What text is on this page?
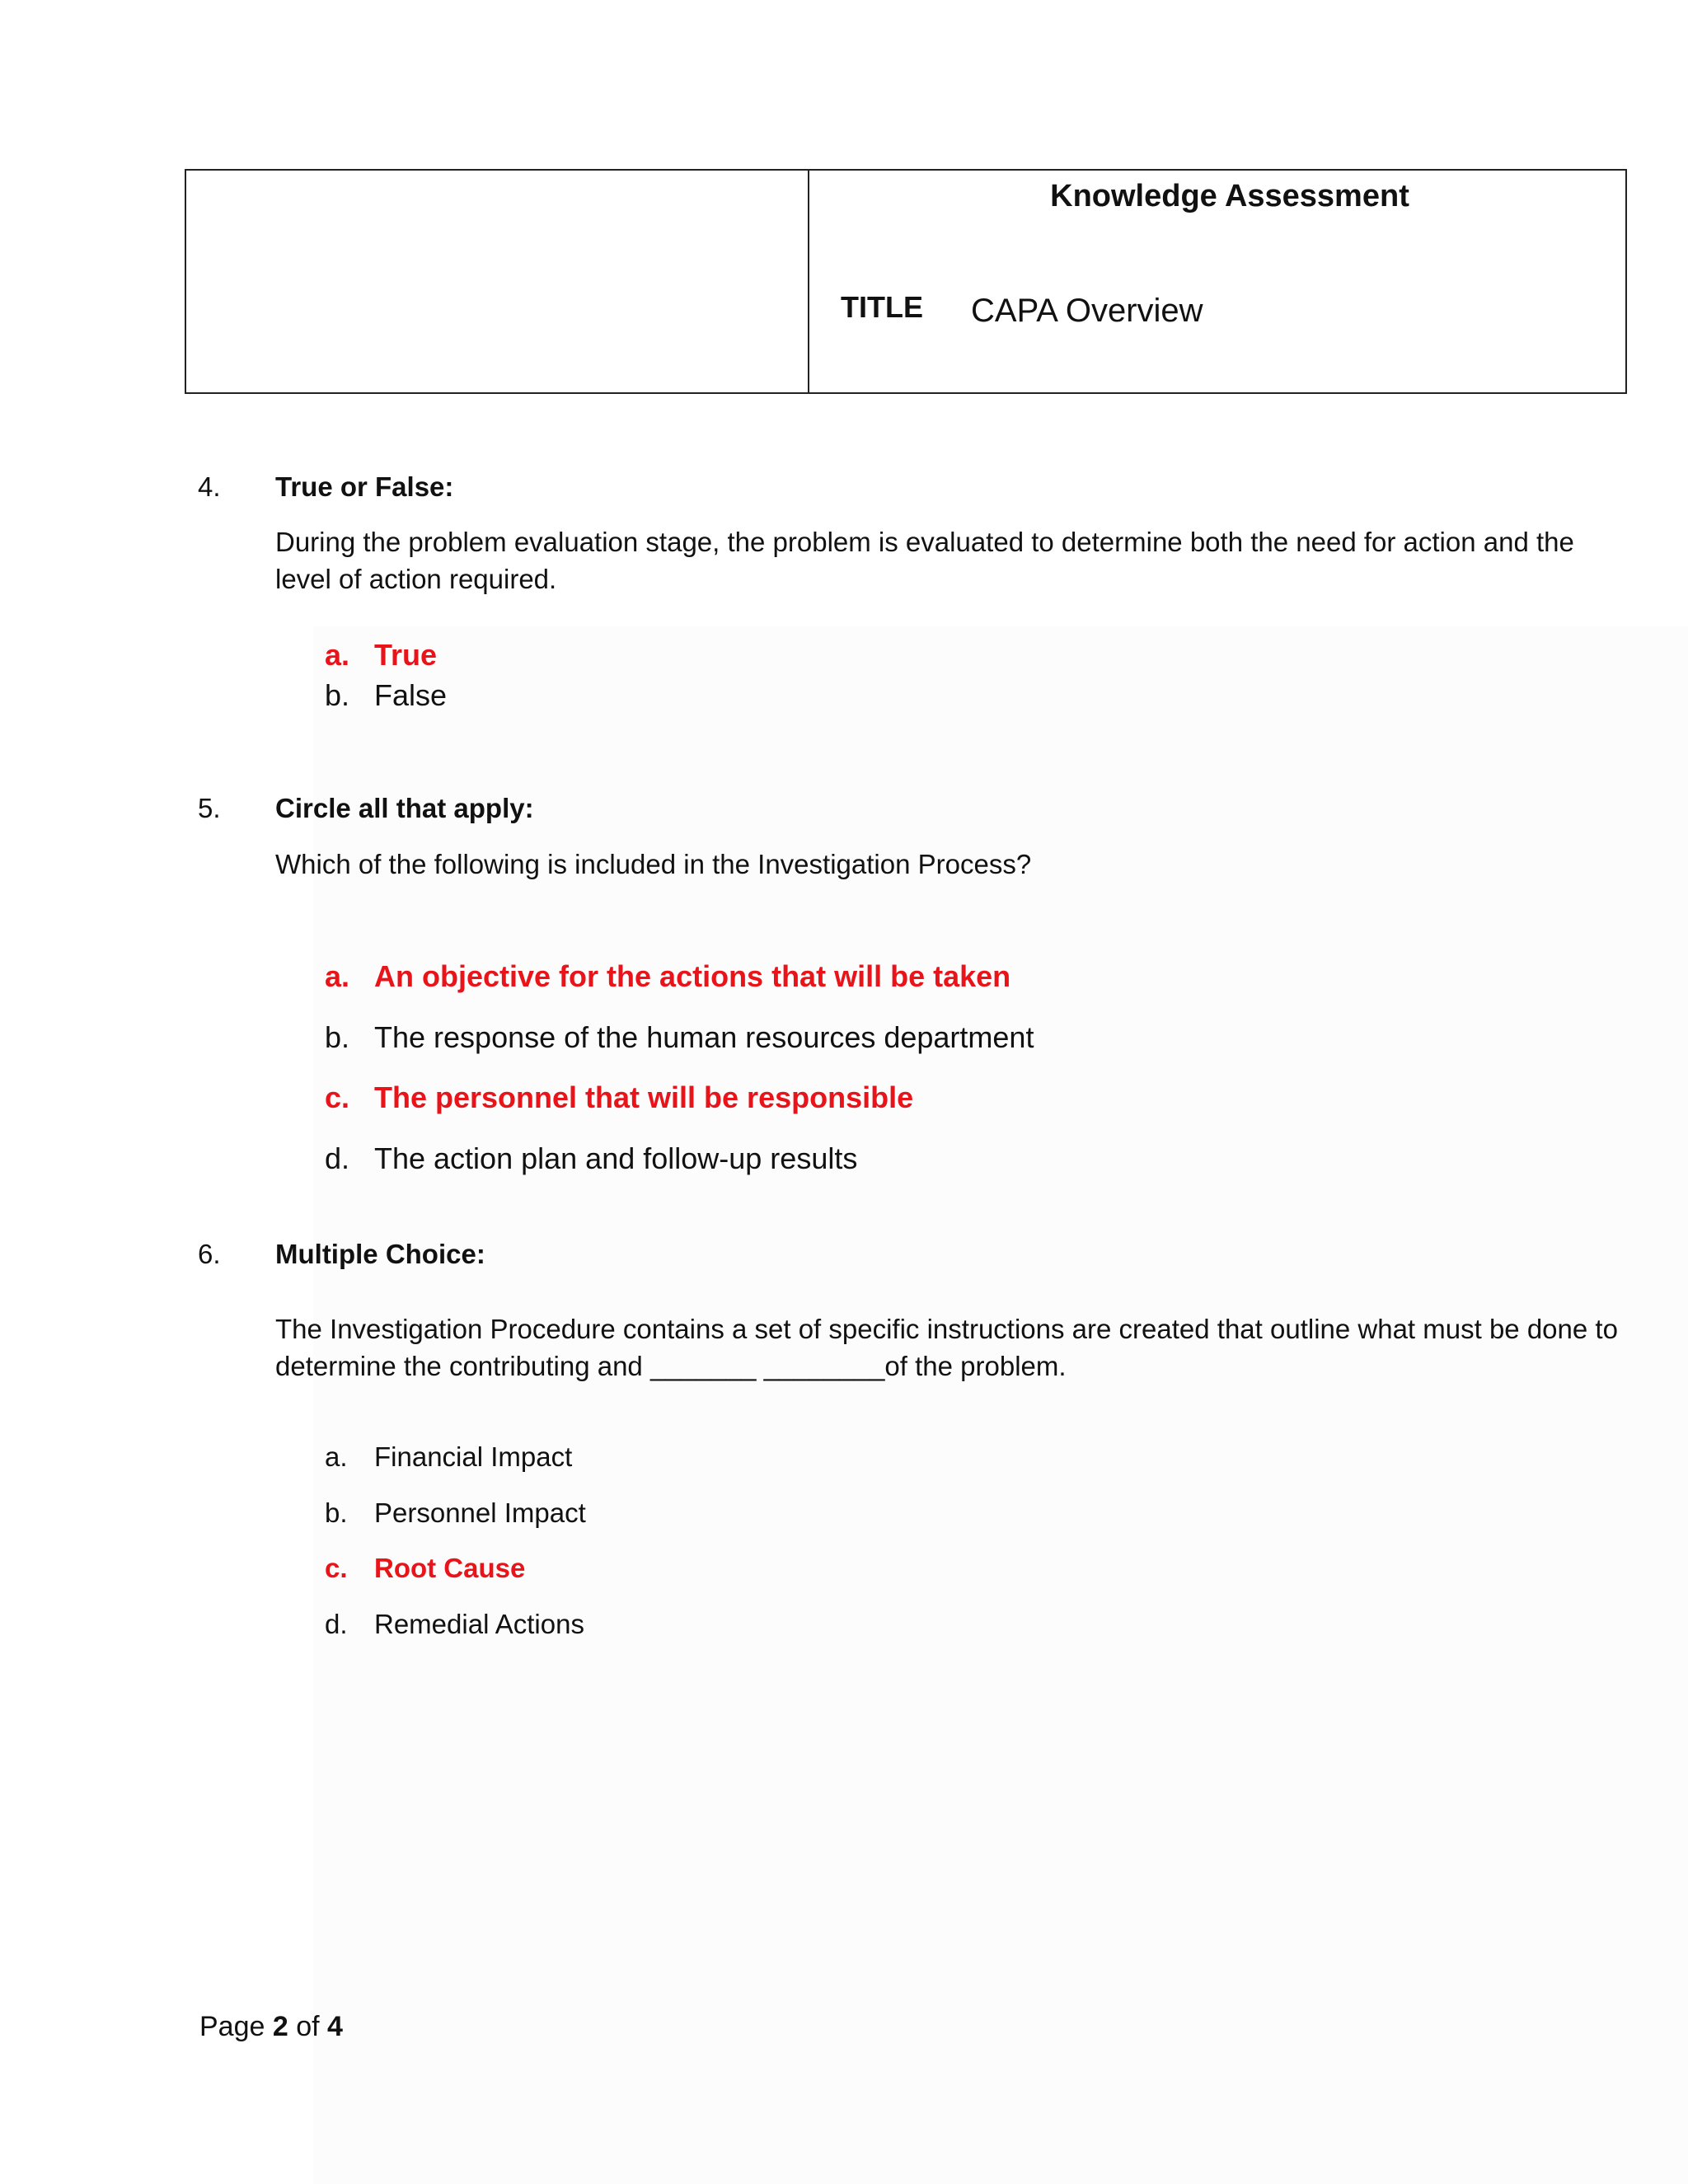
Knowledge Assessment
TITLE CAPA Overview
4. True or False:
During the problem evaluation stage, the problem is evaluated to determine both the need for action and the level of action required.
a. True
b. False
5. Circle all that apply:
Which of the following is included in the Investigation Process?
a. An objective for the actions that will be taken
b. The response of the human resources department
c. The personnel that will be responsible
d. The action plan and follow-up results
6. Multiple Choice:
The Investigation Procedure contains a set of specific instructions are created that outline what must be done to determine the contributing and _______ ________of the problem.
a. Financial Impact
b. Personnel Impact
c. Root Cause
d. Remedial Actions
Page 2 of 4
